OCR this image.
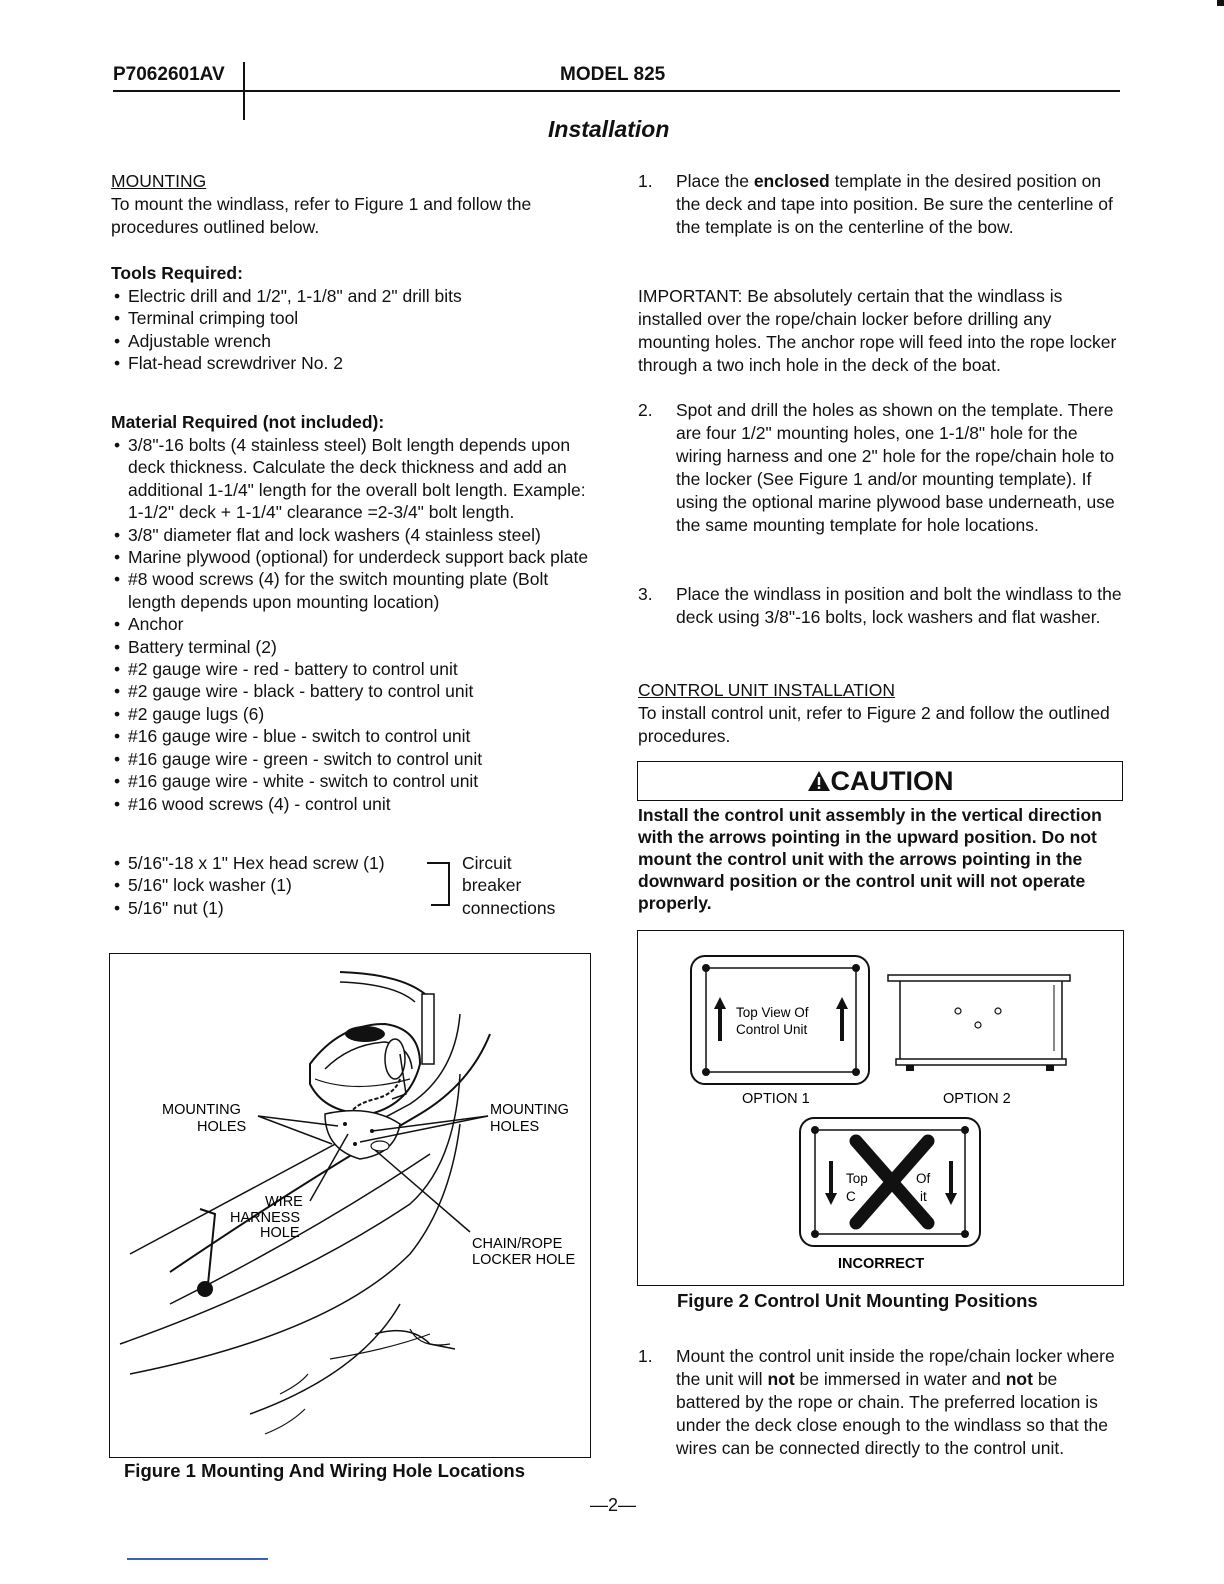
P7062601AV	MODEL 825
Installation
MOUNTING
To mount the windlass, refer to Figure 1 and follow the procedures outlined below.
Tools Required:
• Electric drill and 1/2", 1-1/8" and 2" drill bits
• Terminal crimping tool
• Adjustable wrench
• Flat-head screwdriver No. 2
Material Required (not included):
• 3/8"-16 bolts (4 stainless steel) Bolt length depends upon deck thickness. Calculate the deck thickness and add an additional 1-1/4" length for the overall bolt length. Example:
1-1/2" deck + 1-1/4" clearance =2-3/4" bolt length.
• 3/8" diameter flat and lock washers (4 stainless steel)
• Marine plywood (optional) for underdeck support back plate
• #8 wood screws (4) for the switch mounting plate (Bolt length depends upon mounting location)
• Anchor
• Battery terminal (2)
• #2 gauge wire - red - battery to control unit
• #2 gauge wire - black - battery to control unit
• #2 gauge lugs (6)
• #16 gauge wire - blue - switch to control unit
• #16 gauge wire - green - switch to control unit
• #16 gauge wire - white - switch to control unit
• #16 wood screws (4) - control unit
• 5/16"-18 x 1" Hex head screw (1)
• 5/16" lock washer (1)
• 5/16" nut (1)
Circuit
breaker
connections
MOUNTING
HOLES
MOUNTING
HOLES
WIRE
HARNESS
HOLE
CHAIN/ROPE
LOCKER HOLE
Figure 1 Mounting And Wiring Hole Locations
1. Place the enclosed template in the desired position on the deck and tape into position. Be sure the centerline of the template is on the centerline of the bow.
IMPORTANT: Be absolutely certain that the windlass is installed over the rope/chain locker before drilling any mounting holes. The anchor rope will feed into the rope locker through a two inch hole in the deck of the boat.
2. Spot and drill the holes as shown on the template. There are four 1/2" mounting holes, one 1-1/8" hole for the wiring harness and one 2" hole for the rope/chain hole to the locker (See Figure 1 and/or mounting template). If using the optional marine plywood base underneath, use the same mounting template for hole locations.
3. Place the windlass in position and bolt the windlass to the deck using 3/8"-16 bolts, lock washers and flat washer.
CONTROL UNIT INSTALLATION
To install control unit, refer to Figure 2 and follow the outlined procedures.
CAUTION
Install the control unit assembly in the vertical direction with the arrows pointing in the upward position. Do not mount the control unit with the arrows pointing in the downward position or the control unit will not operate properly.
Top View Of
Control Unit
OPTION 1	OPTION 2
Top	Of
C	it
INCORRECT
Figure 2 Control Unit Mounting Positions
1. Mount the control unit inside the rope/chain locker where the unit will not be immersed in water and not be battered by the rope or chain. The preferred location is under the deck close enough to the windlass so that the wires can be connected directly to the control unit.
—2—
